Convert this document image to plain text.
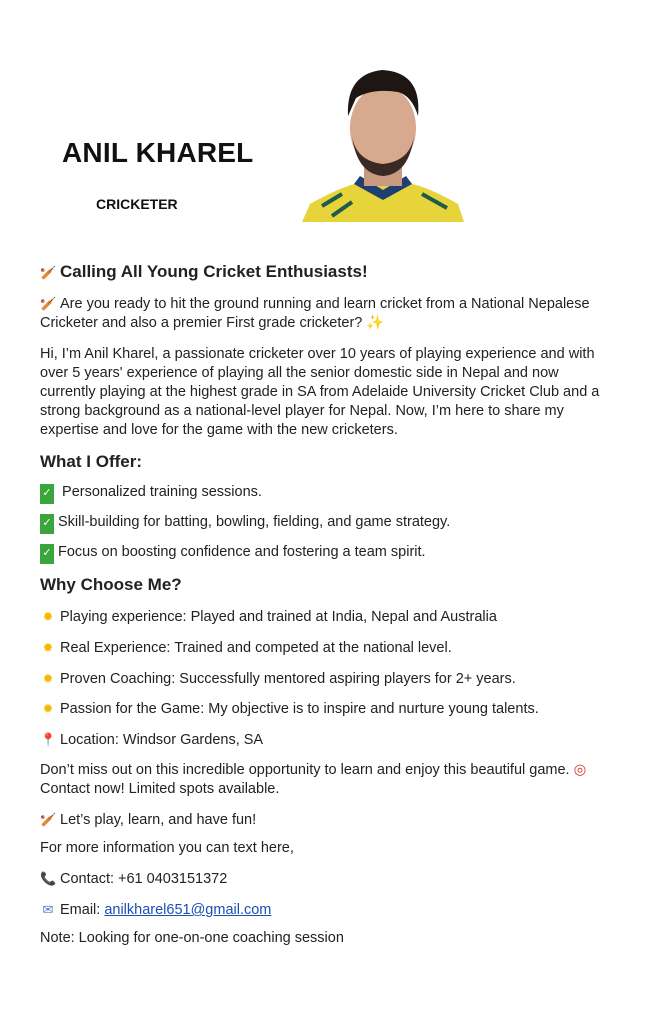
ANIL KHAREL
CRICKETER
🏏 Calling All Young Cricket Enthusiasts!
🏏 Are you ready to hit the ground running and learn cricket from a National Nepalese
Cricketer and also a premier First grade cricketer? ✨
Hi, I’m Anil Kharel, a passionate cricketer over 10 years of playing experience and with
over 5 years' experience of playing all the senior domestic side in Nepal and now
currently playing at the highest grade in SA from Adelaide University Cricket Club and a
strong background as a national-level player for Nepal. Now, I’m here to share my
expertise and love for the game with the new cricketers.
What I Offer:
✓ Personalized training sessions.
✓ Skill-building for batting, bowling, fielding, and game strategy.
✓ Focus on boosting confidence and fostering a team spirit.
Why Choose Me?
✹ Playing experience: Played and trained at India, Nepal and Australia
✹ Real Experience: Trained and competed at the national level.
✹ Proven Coaching: Successfully mentored aspiring players for 2+ years.
✹ Passion for the Game: My objective is to inspire and nurture young talents.
📍 Location: Windsor Gardens, SA
Don’t miss out on this incredible opportunity to learn and enjoy this beautiful game. ◎
Contact now! Limited spots available.
🏏 Let’s play, learn, and have fun!
For more information you can text here,
📞 Contact: +61 0403151372
✉ Email: anilkharel651@gmail.com
Note: Looking for one-on-one coaching session
